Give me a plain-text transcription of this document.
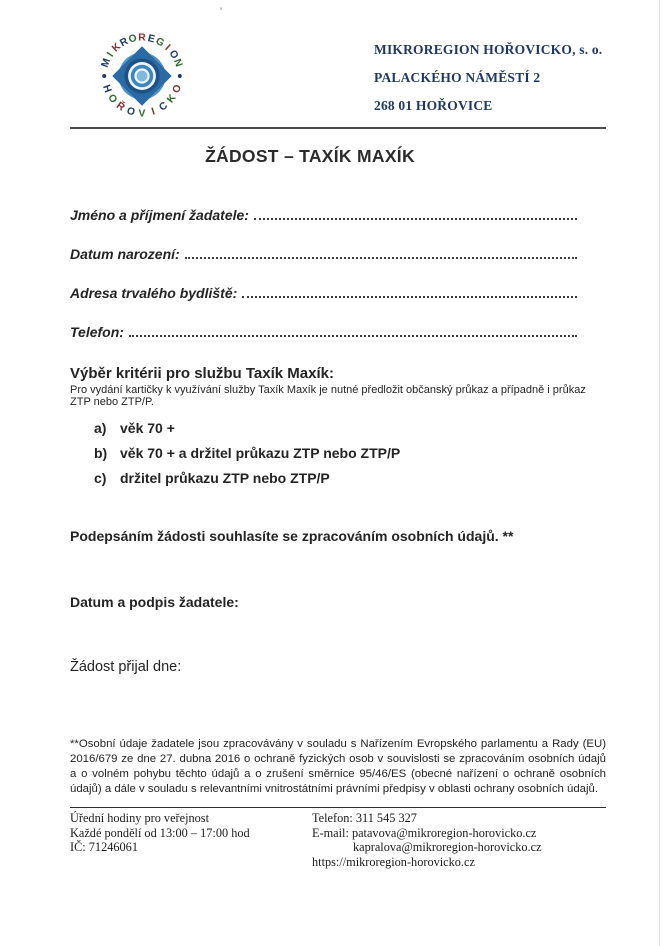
'
M
I
K
R
O R E
G
I
O
N
H
O
Ř
O V I C
K
O
MIKROREGION HOŘOVICKO, s. o.
PALACKÉHO NÁMĚSTÍ 2
268 01 HOŘOVICE
ŽÁDOST – TAXÍK MAXÍK
Jméno a příjmení žadatele:
Datum narození:
Adresa trvalého bydliště:
Telefon:
Výběr kritérii pro službu Taxík Maxík:
Pro vydání kartičky k využívání služby Taxík Maxík je nutné předložit občanský průkaz a případně i průkaz ZTP nebo ZTP/P.
a) věk 70 +
b) věk 70 + a držitel průkazu ZTP nebo ZTP/P
c) držitel průkazu ZTP nebo ZTP/P
Podepsáním žádosti souhlasíte se zpracováním osobních údajů. **
Datum a podpis žadatele:
Žádost přijal dne:

**Osobní údaje žadatele jsou zpracovávány v souladu s Nařízením Evropského parlamentu a Rady (EU) 2016/679 ze dne 27. dubna 2016 o ochraně fyzických osob v souvislosti se zpracováním osobních údajů a o volném pohybu těchto údajů a o zrušení směrnice 95/46/ES (obecné nařízení o ochraně osobních údajů) a dále v souladu s relevantními vnitrostátními právními předpisy v oblasti ochrany osobních údajů.

Úřední hodiny pro veřejnost
Každé pondělí od 13:00 – 17:00 hod
IČ: 71246061
Telefon: 311 545 327
E-mail: patavova@mikroregion-horovicko.cz
kapralova@mikroregion-horovicko.cz
https://mikroregion-horovicko.cz
